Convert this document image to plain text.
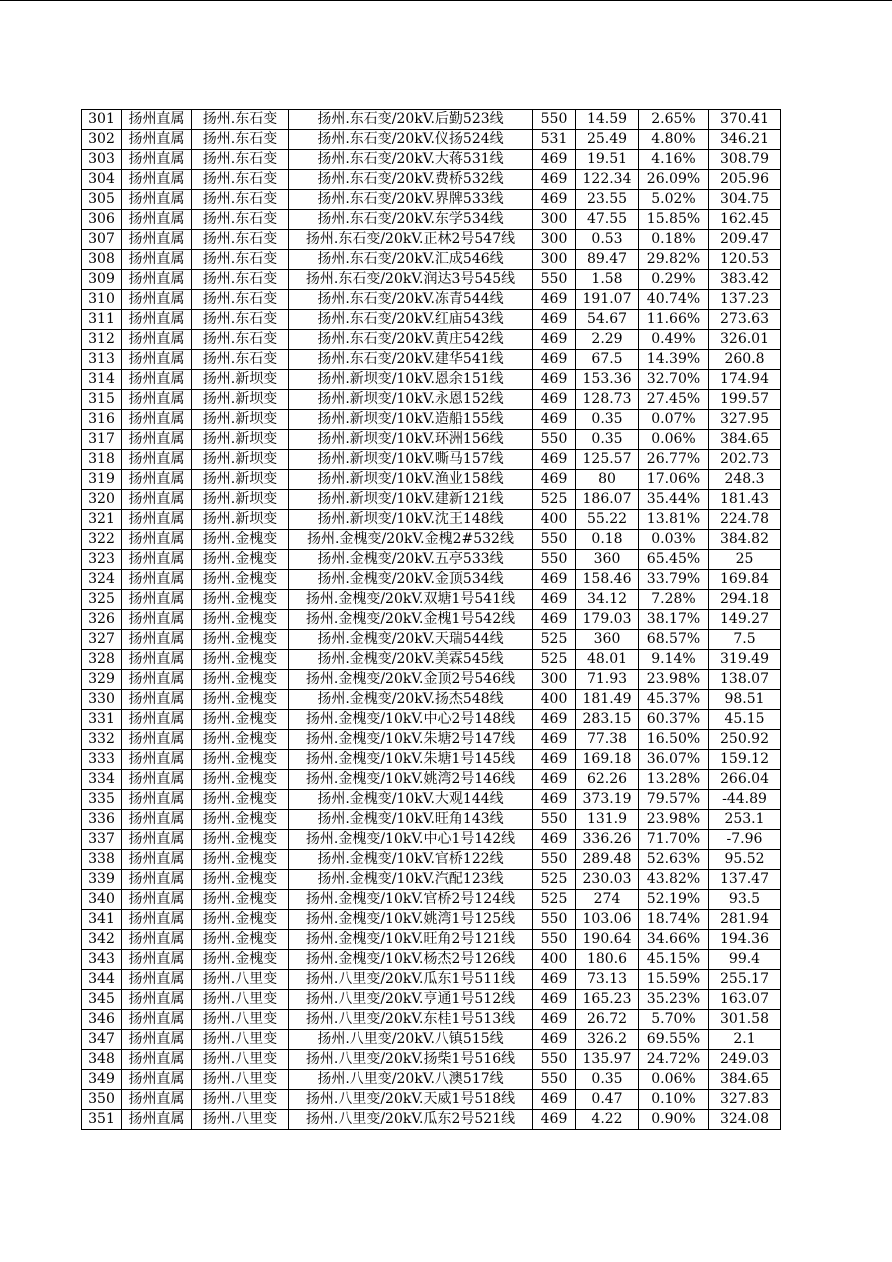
301	扬州直属	扬州.东石变	扬州.东石变/20kV.后勤523线	550	14.59	2.65%	370.41
302	扬州直属	扬州.东石变	扬州.东石变/20kV.仪扬524线	531	25.49	4.80%	346.21
303	扬州直属	扬州.东石变	扬州.东石变/20kV.大蒋531线	469	19.51	4.16%	308.79
304	扬州直属	扬州.东石变	扬州.东石变/20kV.费桥532线	469	122.34	26.09%	205.96
305	扬州直属	扬州.东石变	扬州.东石变/20kV.界牌533线	469	23.55	5.02%	304.75
306	扬州直属	扬州.东石变	扬州.东石变/20kV.东学534线	300	47.55	15.85%	162.45
307	扬州直属	扬州.东石变	扬州.东石变/20kV.正林2号547线	300	0.53	0.18%	209.47
308	扬州直属	扬州.东石变	扬州.东石变/20kV.汇成546线	300	89.47	29.82%	120.53
309	扬州直属	扬州.东石变	扬州.东石变/20kV.润达3号545线	550	1.58	0.29%	383.42
310	扬州直属	扬州.东石变	扬州.东石变/20kV.冻青544线	469	191.07	40.74%	137.23
311	扬州直属	扬州.东石变	扬州.东石变/20kV.红庙543线	469	54.67	11.66%	273.63
312	扬州直属	扬州.东石变	扬州.东石变/20kV.黄庄542线	469	2.29	0.49%	326.01
313	扬州直属	扬州.东石变	扬州.东石变/20kV.建华541线	469	67.5	14.39%	260.8
314	扬州直属	扬州.新坝变	扬州.新坝变/10kV.恩余151线	469	153.36	32.70%	174.94
315	扬州直属	扬州.新坝变	扬州.新坝变/10kV.永恩152线	469	128.73	27.45%	199.57
316	扬州直属	扬州.新坝变	扬州.新坝变/10kV.造船155线	469	0.35	0.07%	327.95
317	扬州直属	扬州.新坝变	扬州.新坝变/10kV.环洲156线	550	0.35	0.06%	384.65
318	扬州直属	扬州.新坝变	扬州.新坝变/10kV.嘶马157线	469	125.57	26.77%	202.73
319	扬州直属	扬州.新坝变	扬州.新坝变/10kV.渔业158线	469	80	17.06%	248.3
320	扬州直属	扬州.新坝变	扬州.新坝变/10kV.建新121线	525	186.07	35.44%	181.43
321	扬州直属	扬州.新坝变	扬州.新坝变/10kV.沈王148线	400	55.22	13.81%	224.78
322	扬州直属	扬州.金槐变	扬州.金槐变/20kV.金槐2#532线	550	0.18	0.03%	384.82
323	扬州直属	扬州.金槐变	扬州.金槐变/20kV.五亭533线	550	360	65.45%	25
324	扬州直属	扬州.金槐变	扬州.金槐变/20kV.金顶534线	469	158.46	33.79%	169.84
325	扬州直属	扬州.金槐变	扬州.金槐变/20kV.双塘1号541线	469	34.12	7.28%	294.18
326	扬州直属	扬州.金槐变	扬州.金槐变/20kV.金槐1号542线	469	179.03	38.17%	149.27
327	扬州直属	扬州.金槐变	扬州.金槐变/20kV.天瑞544线	525	360	68.57%	7.5
328	扬州直属	扬州.金槐变	扬州.金槐变/20kV.美霖545线	525	48.01	9.14%	319.49
329	扬州直属	扬州.金槐变	扬州.金槐变/20kV.金顶2号546线	300	71.93	23.98%	138.07
330	扬州直属	扬州.金槐变	扬州.金槐变/20kV.扬杰548线	400	181.49	45.37%	98.51
331	扬州直属	扬州.金槐变	扬州.金槐变/10kV.中心2号148线	469	283.15	60.37%	45.15
332	扬州直属	扬州.金槐变	扬州.金槐变/10kV.朱塘2号147线	469	77.38	16.50%	250.92
333	扬州直属	扬州.金槐变	扬州.金槐变/10kV.朱塘1号145线	469	169.18	36.07%	159.12
334	扬州直属	扬州.金槐变	扬州.金槐变/10kV.姚湾2号146线	469	62.26	13.28%	266.04
335	扬州直属	扬州.金槐变	扬州.金槐变/10kV.大观144线	469	373.19	79.57%	-44.89
336	扬州直属	扬州.金槐变	扬州.金槐变/10kV.旺角143线	550	131.9	23.98%	253.1
337	扬州直属	扬州.金槐变	扬州.金槐变/10kV.中心1号142线	469	336.26	71.70%	-7.96
338	扬州直属	扬州.金槐变	扬州.金槐变/10kV.官桥122线	550	289.48	52.63%	95.52
339	扬州直属	扬州.金槐变	扬州.金槐变/10kV.汽配123线	525	230.03	43.82%	137.47
340	扬州直属	扬州.金槐变	扬州.金槐变/10kV.官桥2号124线	525	274	52.19%	93.5
341	扬州直属	扬州.金槐变	扬州.金槐变/10kV.姚湾1号125线	550	103.06	18.74%	281.94
342	扬州直属	扬州.金槐变	扬州.金槐变/10kV.旺角2号121线	550	190.64	34.66%	194.36
343	扬州直属	扬州.金槐变	扬州.金槐变/10kV.杨杰2号126线	400	180.6	45.15%	99.4
344	扬州直属	扬州.八里变	扬州.八里变/20kV.瓜东1号511线	469	73.13	15.59%	255.17
345	扬州直属	扬州.八里变	扬州.八里变/20kV.亨通1号512线	469	165.23	35.23%	163.07
346	扬州直属	扬州.八里变	扬州.八里变/20kV.东桂1号513线	469	26.72	5.70%	301.58
347	扬州直属	扬州.八里变	扬州.八里变/20kV.八镇515线	469	326.2	69.55%	2.1
348	扬州直属	扬州.八里变	扬州.八里变/20kV.扬柴1号516线	550	135.97	24.72%	249.03
349	扬州直属	扬州.八里变	扬州.八里变/20kV.八澳517线	550	0.35	0.06%	384.65
350	扬州直属	扬州.八里变	扬州.八里变/20kV.天威1号518线	469	0.47	0.10%	327.83
351	扬州直属	扬州.八里变	扬州.八里变/20kV.瓜东2号521线	469	4.22	0.90%	324.08
